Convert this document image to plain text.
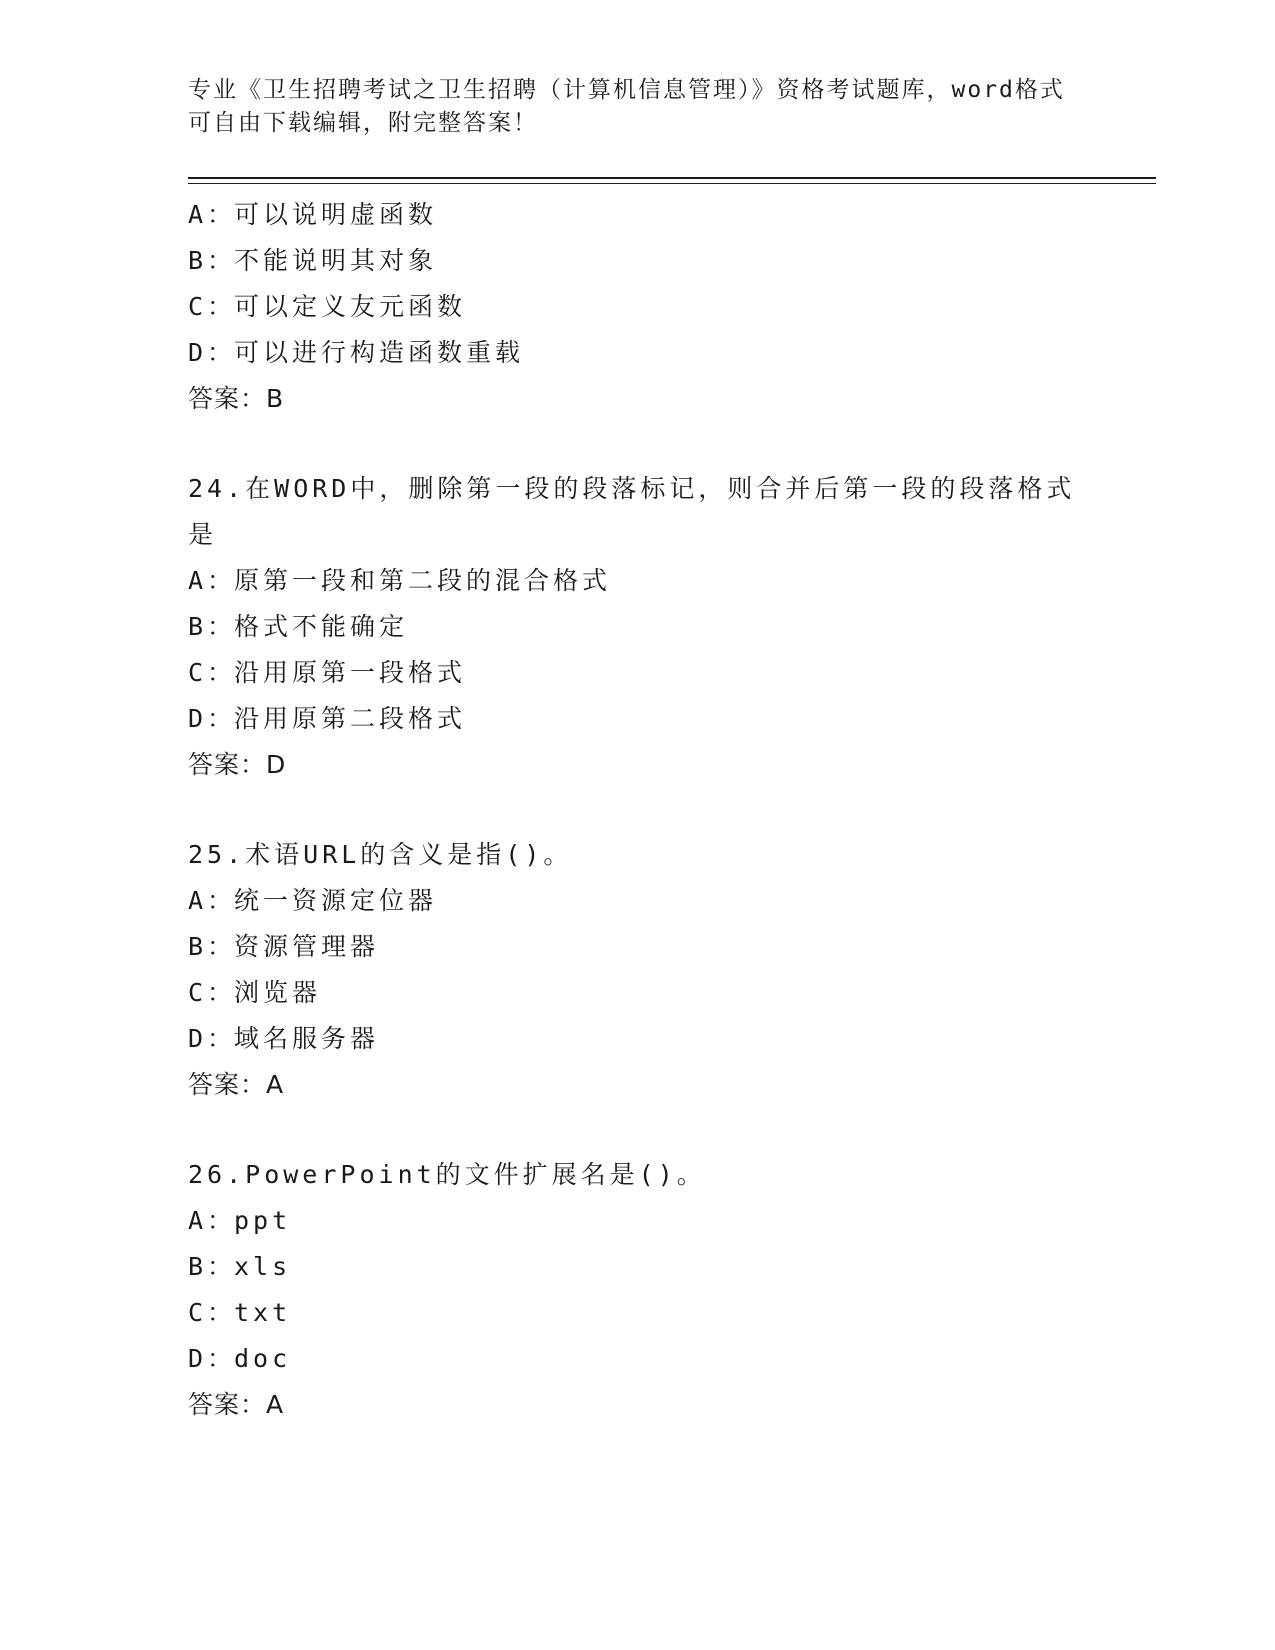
专业《卫生招聘考试之卫生招聘（计算机信息管理）》资格考试题库，word格式
可自由下载编辑，附完整答案！
A：可以说明虚函数
B：不能说明其对象
C：可以定义友元函数
D：可以进行构造函数重载
答案：B
24.在WORD中，删除第一段的段落标记，则合并后第一段的段落格式
是
A：原第一段和第二段的混合格式
B：格式不能确定
C：沿用原第一段格式
D：沿用原第二段格式
答案：D
25.术语URL的含义是指()。
A：统一资源定位器
B：资源管理器
C：浏览器
D：域名服务器
答案：A
26.PowerPoint的文件扩展名是()。
A：ppt
B：xls
C：txt
D：doc
答案：A
